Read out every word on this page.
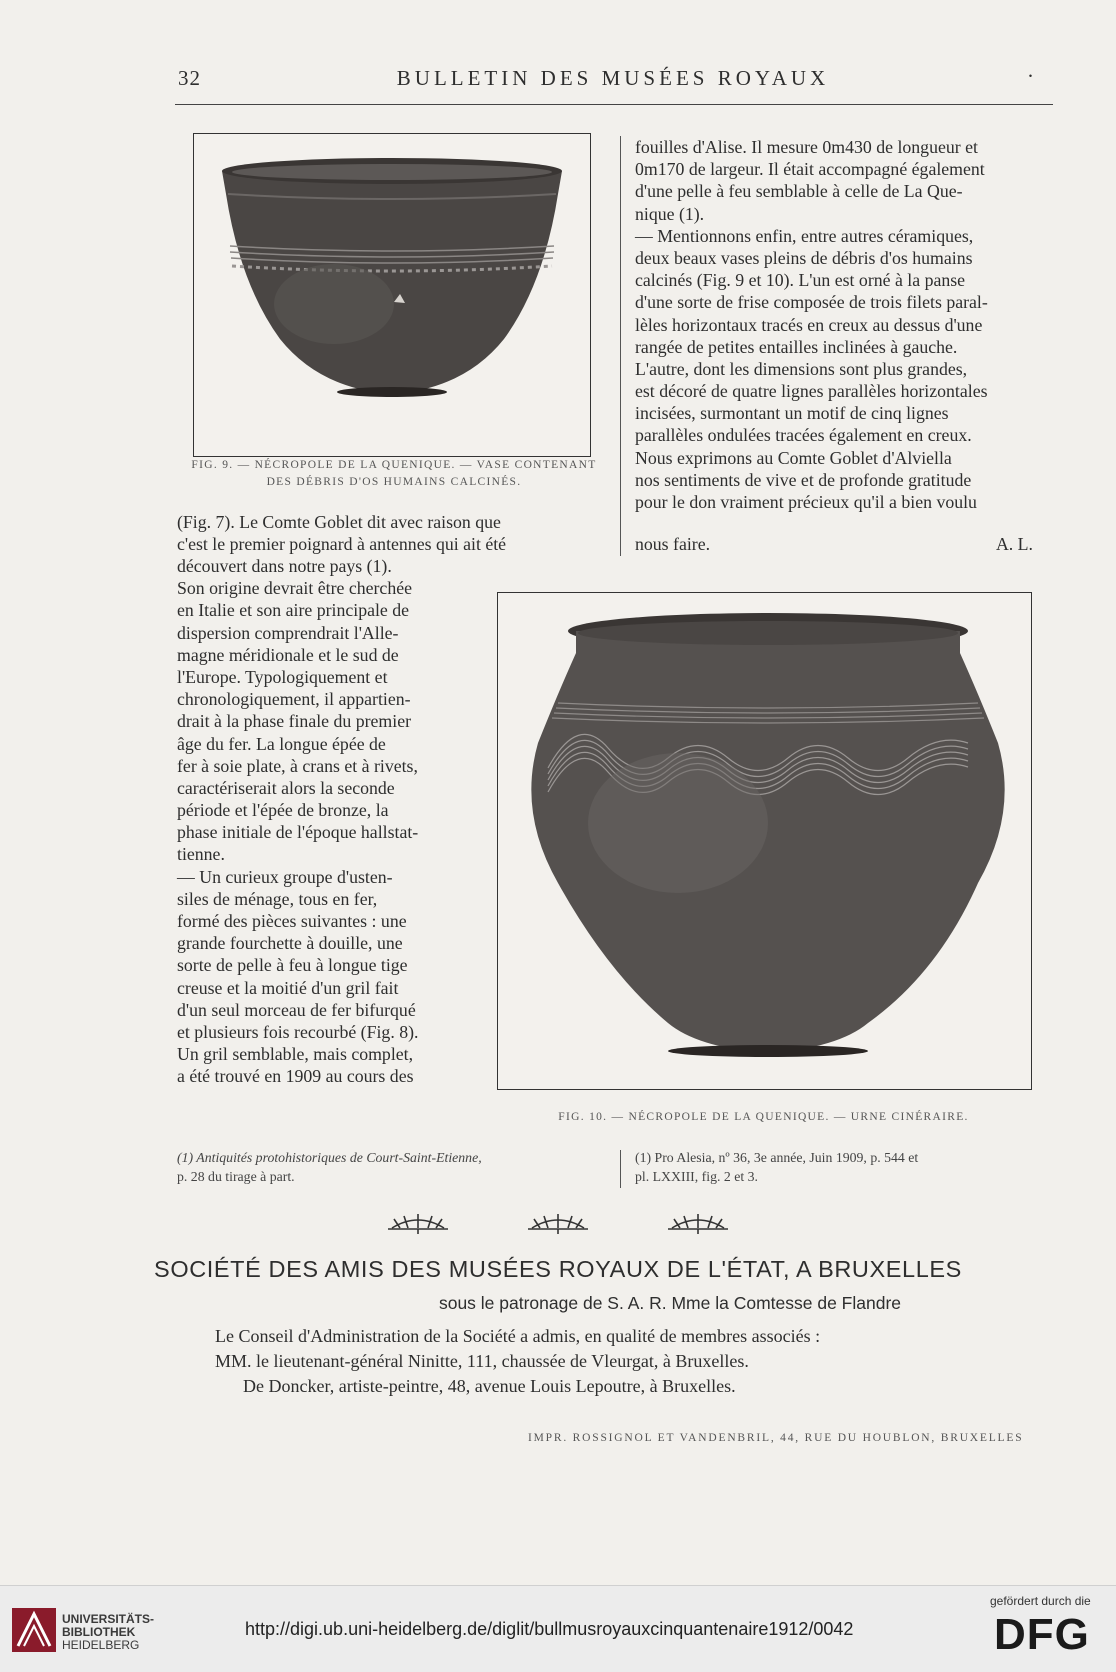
32	BULLETIN DES MUSÉES ROYAUX	·
FIG. 9. — NÉCROPOLE DE LA QUENIQUE. — VASE CONTENANT
DES DÉBRIS D'OS HUMAINS CALCINÉS.
(Fig. 7). Le Comte Goblet dit avec raison que
c'est le premier poignard à antennes qui ait été
découvert dans notre pays (1).
Son origine devrait être cherchée
en Italie et son aire principale de
dispersion comprendrait l'Alle-
magne méridionale et le sud de
l'Europe. Typologiquement et
chronologiquement, il appartien-
drait à la phase finale du premier
âge du fer. La longue épée de
fer à soie plate, à crans et à rivets,
caractériserait alors la seconde
période et l'épée de bronze, la
phase initiale de l'époque hallstat-
tienne.
— Un curieux groupe d'usten-
siles de ménage, tous en fer,
formé des pièces suivantes : une
grande fourchette à douille, une
sorte de pelle à feu à longue tige
creuse et la moitié d'un gril fait
d'un seul morceau de fer bifurqué
et plusieurs fois recourbé (Fig. 8).
Un gril semblable, mais complet,
a été trouvé en 1909 au cours des
fouilles d'Alise. Il mesure 0m430 de longueur et
0m170 de largeur. Il était accompagné également
d'une pelle à feu semblable à celle de La Que-
nique (1).
— Mentionnons enfin, entre autres céramiques,
deux beaux vases pleins de débris d'os humains
calcinés (Fig. 9 et 10). L'un est orné à la panse
d'une sorte de frise composée de trois filets paral-
lèles horizontaux tracés en creux au dessus d'une
rangée de petites entailles inclinées à gauche.
L'autre, dont les dimensions sont plus grandes,
est décoré de quatre lignes parallèles horizontales
incisées, surmontant un motif de cinq lignes
parallèles ondulées tracées également en creux.
Nous exprimons au Comte Goblet d'Alviella
nos sentiments de vive et de profonde gratitude
pour le don vraiment précieux qu'il a bien voulu
nous faire.	A. L.
FIG. 10. — NÉCROPOLE DE LA QUENIQUE. — URNE CINÉRAIRE.
(1) Antiquités protohistoriques de Court-Saint-Etienne,
p. 28 du tirage à part.
(1) Pro Alesia, nº 36, 3e année, Juin 1909, p. 544 et
pl. LXXIII, fig. 2 et 3.
SOCIÉTÉ DES AMIS DES MUSÉES ROYAUX DE L'ÉTAT, A BRUXELLES
sous le patronage de S. A. R. Mme la Comtesse de Flandre
Le Conseil d'Administration de la Société a admis, en qualité de membres associés :
MM. le lieutenant-général Ninitte, 111, chaussée de Vleurgat, à Bruxelles.
De Doncker, artiste-peintre, 48, avenue Louis Lepoutre, à Bruxelles.
IMPR. ROSSIGNOL ET VANDENBRIL, 44, RUE DU HOUBLON, BRUXELLES
UNIVERSITÄTS-
BIBLIOTHEK
HEIDELBERG
http://digi.ub.uni-heidelberg.de/diglit/bullmusroyauxcinquantenaire1912/0042
gefördert durch die
DFG
